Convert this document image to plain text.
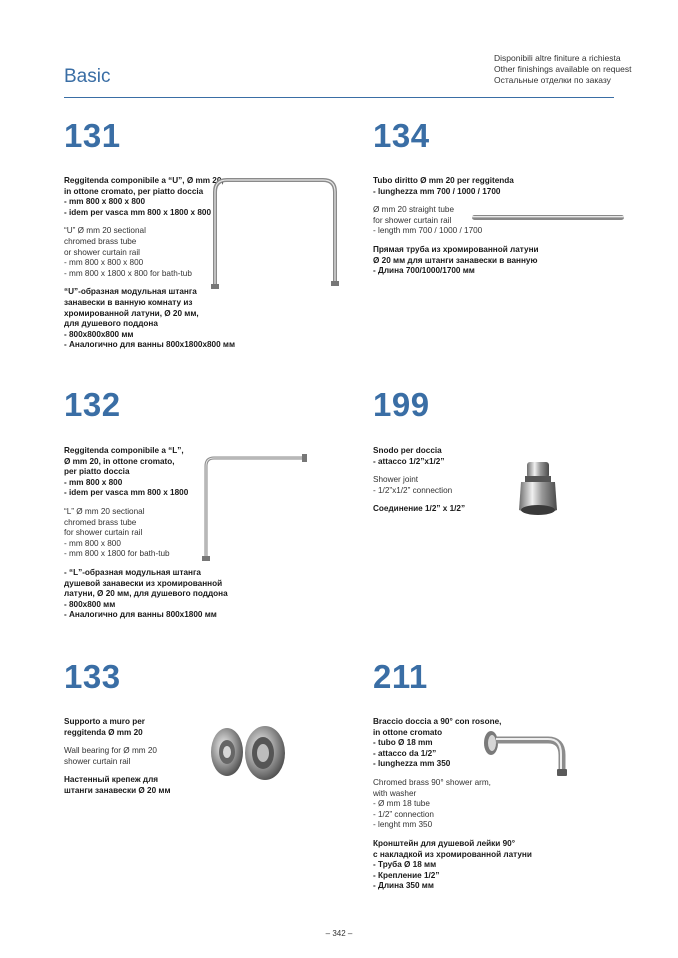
Basic
Disponibili altre finiture a richiesta
Other finishings available on request
Остальные отделки по заказу
131
Reggitenda componibile a “U”, Ø mm 20,
in ottone cromato, per piatto doccia
- mm 800 x 800 x 800
- idem per vasca mm 800 x 1800 x 800
“U” Ø mm 20 sectional
chromed brass tube
or shower curtain rail
- mm 800 x 800 x 800
- mm 800 x 1800 x 800 for bath-tub
“U”-образная модульная штанга
занавески в ванную комнату из
хромированной латуни, Ø 20 мм,
для душевого поддона
- 800x800x800 мм
- Аналогично для ванны 800x1800x800 мм
134
Tubo diritto Ø mm 20 per reggitenda
- lunghezza mm 700 / 1000 / 1700
Ø mm 20 straight tube
for shower curtain rail
- length mm 700 / 1000 / 1700
Прямая труба из хромированной латуни
Ø 20 мм для штанги занавески в ванную
- Длина 700/1000/1700 мм
132
Reggitenda componibile a “L”,
Ø mm 20, in ottone cromato,
per piatto doccia
- mm 800 x 800
- idem per vasca mm 800 x 1800
“L” Ø mm 20 sectional
chromed brass tube
for shower curtain rail
- mm 800 x 800
- mm 800 x 1800 for bath-tub
- “L”-образная модульная штанга
душевой занавески из хромированной
латуни, Ø 20 мм, для душевого поддона
- 800x800 мм
- Аналогично для ванны 800x1800 мм
199
Snodo per doccia
- attacco 1/2”x1/2”
Shower joint
- 1/2”x1/2” connection
Соединение 1/2” x 1/2”
133
Supporto a muro per
reggitenda Ø mm 20
Wall bearing for Ø mm 20
shower curtain rail
Настенный крепеж для
штанги занавески Ø 20 мм
211
Braccio doccia a 90° con rosone,
in ottone cromato
- tubo Ø 18 mm
- attacco da 1/2”
- lunghezza mm 350
Chromed brass 90° shower arm,
with washer
- Ø mm 18 tube
- 1/2” connection
- lenght mm 350
Кронштейн для душевой лейки 90°
с накладкой из хромированной латуни
- Труба Ø 18 мм
- Крепление 1/2”
- Длина 350 мм
– 342 –
